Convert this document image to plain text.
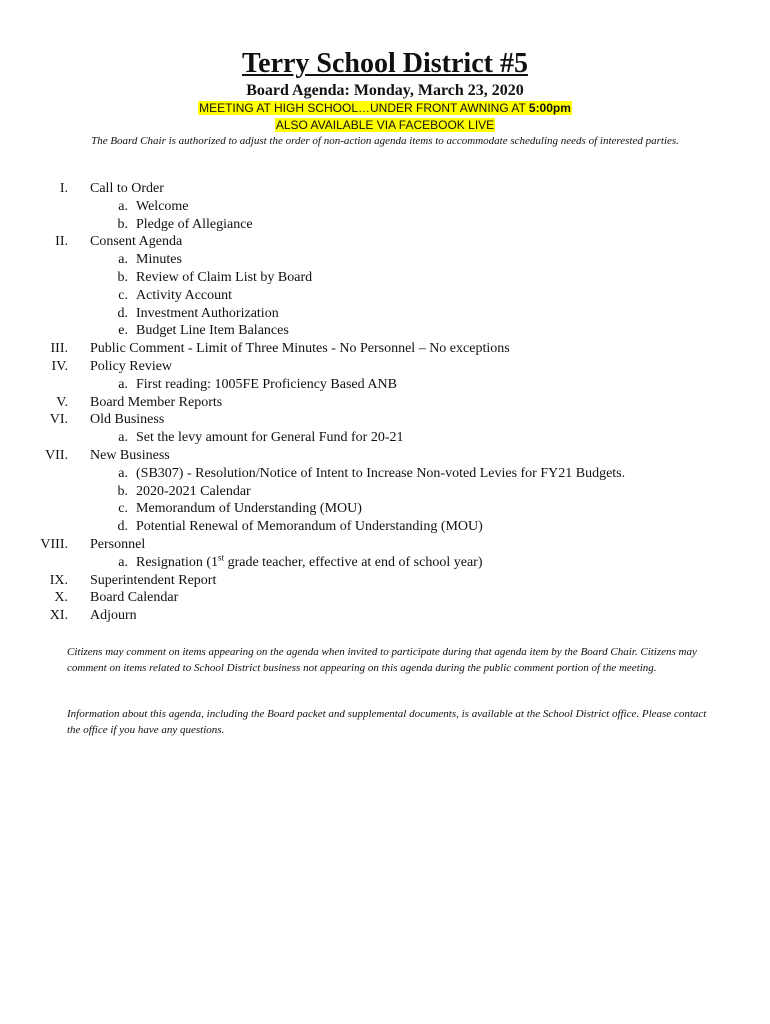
Terry School District #5
Board Agenda: Monday, March 23, 2020
MEETING AT HIGH SCHOOL…UNDER FRONT AWNING AT 5:00pm
ALSO AVAILABLE VIA FACEBOOK LIVE
The Board Chair is authorized to adjust the order of non-action agenda items to accommodate scheduling needs of interested parties.
I. Call to Order
a. Welcome
b. Pledge of Allegiance
II. Consent Agenda
a. Minutes
b. Review of Claim List by Board
c. Activity Account
d. Investment Authorization
e. Budget Line Item Balances
III. Public Comment - Limit of Three Minutes - No Personnel – No exceptions
IV. Policy Review
a. First reading: 1005FE Proficiency Based ANB
V. Board Member Reports
VI. Old Business
a. Set the levy amount for General Fund for 20-21
VII. New Business
a. (SB307) - Resolution/Notice of Intent to Increase Non-voted Levies for FY21 Budgets.
b. 2020-2021 Calendar
c. Memorandum of Understanding (MOU)
d. Potential Renewal of Memorandum of Understanding (MOU)
VIII. Personnel
a. Resignation (1st grade teacher, effective at end of school year)
IX. Superintendent Report
X. Board Calendar
XI. Adjourn
Citizens may comment on items appearing on the agenda when invited to participate during that agenda item by the Board Chair. Citizens may comment on items related to School District business not appearing on this agenda during the public comment portion of the meeting.
Information about this agenda, including the Board packet and supplemental documents, is available at the School District office. Please contact the office if you have any questions.
